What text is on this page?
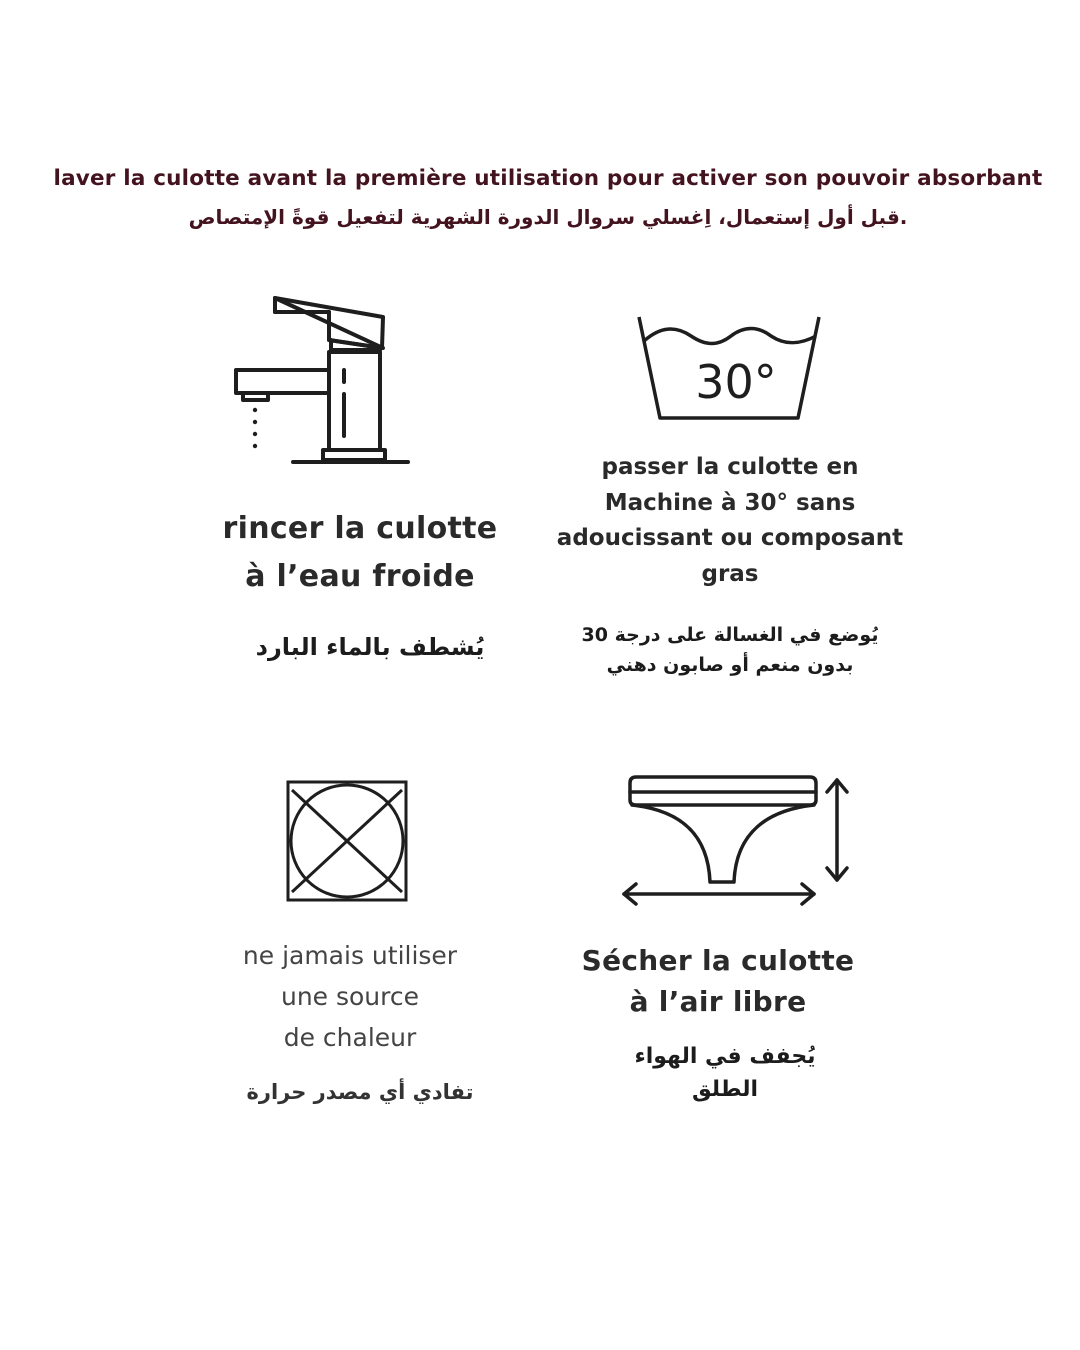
laver la culotte avant la première utilisation pour activer son pouvoir absorbant
.قبل أول إستعمال، اِغسلي سروال الدورة الشهرية لتفعيل قوةً الإمتصاص
rincer la culotte
à l’eau froide
يُشطف بالماء البارد
30°
passer la culotte en
Machine à 30° sans
adoucissant ou composant
gras
يُوضع في الغسالة على درجة 30
بدون منعم أو صابون دهني
ne jamais utiliser
une source
de chaleur
تفادي أي مصدر حرارة
Sécher la culotte
à l’air libre
يُجفف في الهواء
الطلق
